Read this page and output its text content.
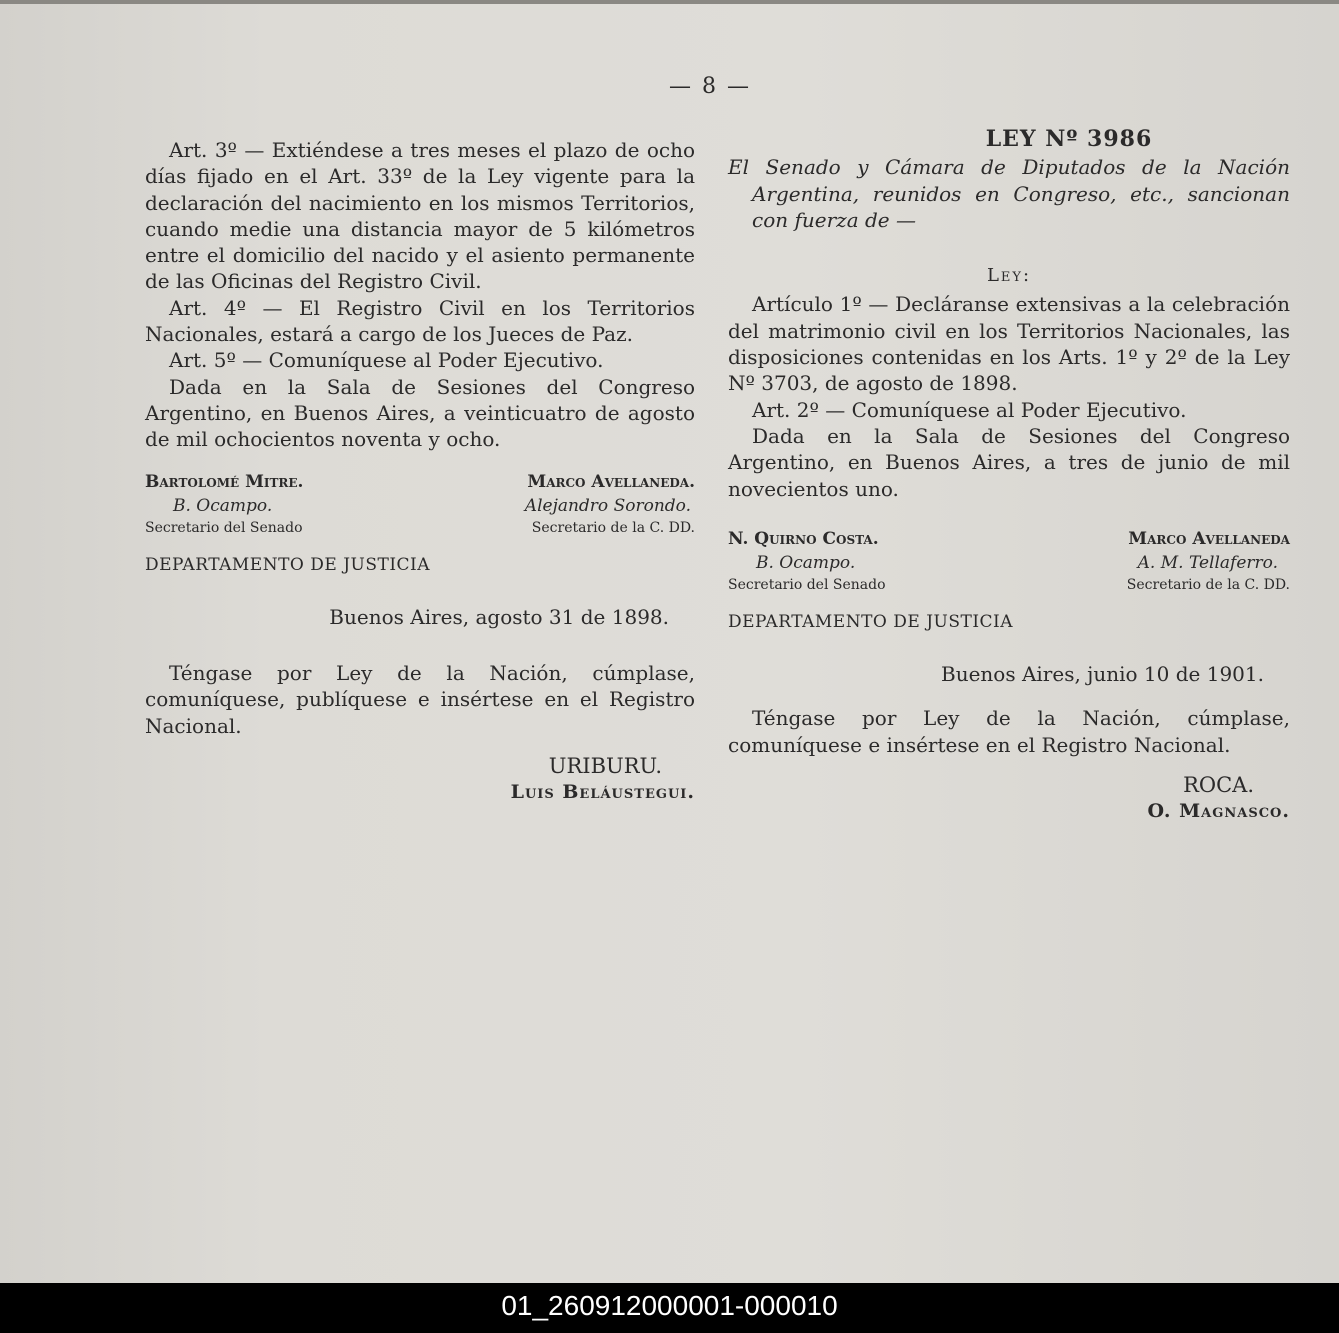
— 8 —

Art. 3º — Extiéndese a tres meses el plazo de ocho días fijado en el Art. 33º de la Ley vigente para la declaración del nacimiento en los mismos Territorios, cuando medie una distancia mayor de 5 kilómetros entre el domicilio del nacido y el asiento permanente de las Oficinas del Registro Civil.

Art. 4º — El Registro Civil en los Territorios Nacionales, estará a cargo de los Jueces de Paz.

Art. 5º — Comuníquese al Poder Ejecutivo.

Dada en la Sala de Sesiones del Congreso Argentino, en Buenos Aires, a veinticuatro de agosto de mil ochocientos noventa y ocho.

Bartolomé Mitre.
B. Ocampo.
Secretario del Senado
Marco Avellaneda.
Alejandro Sorondo.
Secretario de la C. DD.
DEPARTAMENTO DE JUSTICIA
Buenos Aires, agosto 31 de 1898.

Téngase por Ley de la Nación, cúmplase, comuníquese, publíquese e insértese en el Registro Nacional.

URIBURU.
Luis Beláustegui.
LEY Nº 3986

El Senado y Cámara de Diputados de la Nación Argentina, reunidos en Congreso, etc., sancionan con fuerza de —

Ley:

Artículo 1º — Decláranse extensivas a la celebración del matrimonio civil en los Territorios Nacionales, las disposiciones contenidas en los Arts. 1º y 2º de la Ley Nº 3703, de agosto de 1898.

Art. 2º — Comuníquese al Poder Ejecutivo.

Dada en la Sala de Sesiones del Congreso Argentino, en Buenos Aires, a tres de junio de mil novecientos uno.

N. Quirno Costa.
B. Ocampo.
Secretario del Senado
Marco Avellaneda
A. M. Tellaferro.
Secretario de la C. DD.
DEPARTAMENTO DE JUSTICIA
Buenos Aires, junio 10 de 1901.

Téngase por Ley de la Nación, cúmplase, comuníquese e insértese en el Registro Nacional.

ROCA.
O. Magnasco.
01_260912000001-000010
